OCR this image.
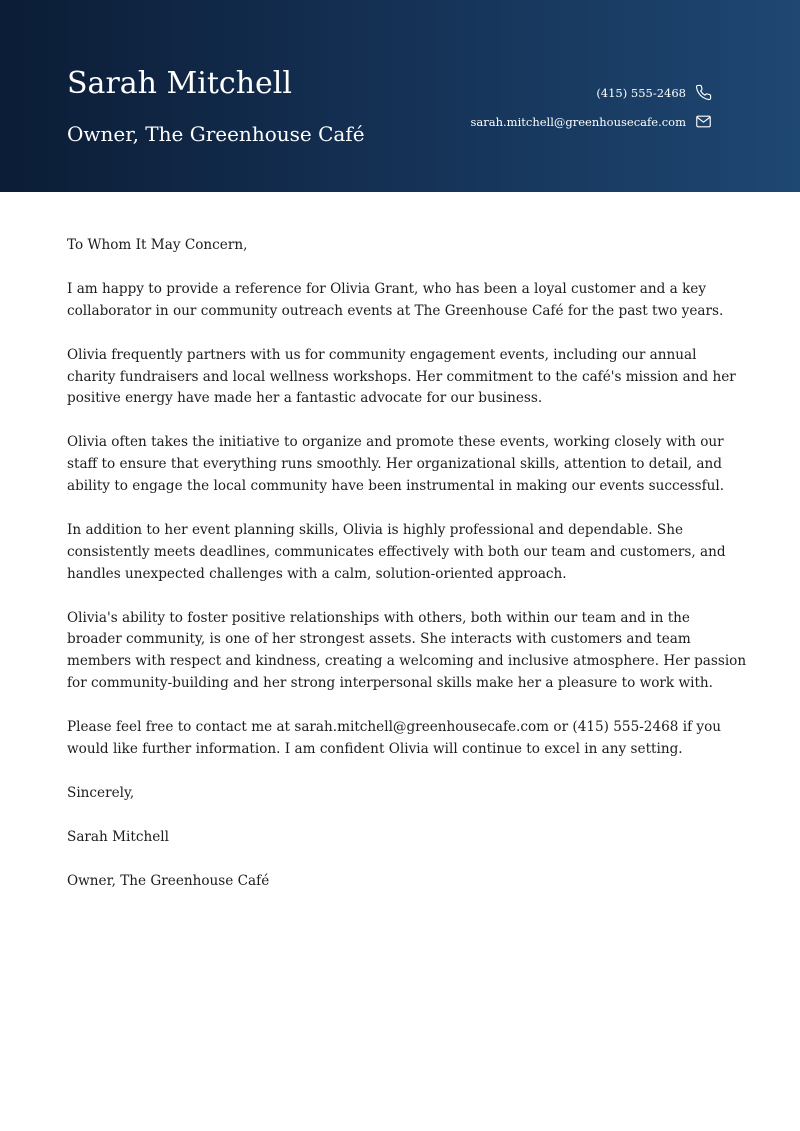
Sarah Mitchell
Owner, The Greenhouse Café
(415) 555-2468
sarah.mitchell@greenhousecafe.com

To Whom It May Concern,

I am happy to provide a reference for Olivia Grant, who has been a loyal customer and a key collaborator in our community outreach events at The Greenhouse Café for the past two years.

Olivia frequently partners with us for community engagement events, including our annual charity fundraisers and local wellness workshops. Her commitment to the café's mission and her positive energy have made her a fantastic advocate for our business.

Olivia often takes the initiative to organize and promote these events, working closely with our staff to ensure that everything runs smoothly. Her organizational skills, attention to detail, and ability to engage the local community have been instrumental in making our events successful.

In addition to her event planning skills, Olivia is highly professional and dependable. She consistently meets deadlines, communicates effectively with both our team and customers, and handles unexpected challenges with a calm, solution-oriented approach.

Olivia's ability to foster positive relationships with others, both within our team and in the broader community, is one of her strongest assets. She interacts with customers and team members with respect and kindness, creating a welcoming and inclusive atmosphere. Her passion for community-building and her strong interpersonal skills make her a pleasure to work with.

Please feel free to contact me at sarah.mitchell@greenhousecafe.com or (415) 555-2468 if you would like further information. I am confident Olivia will continue to excel in any setting.

Sincerely,

Sarah Mitchell

Owner, The Greenhouse Café
